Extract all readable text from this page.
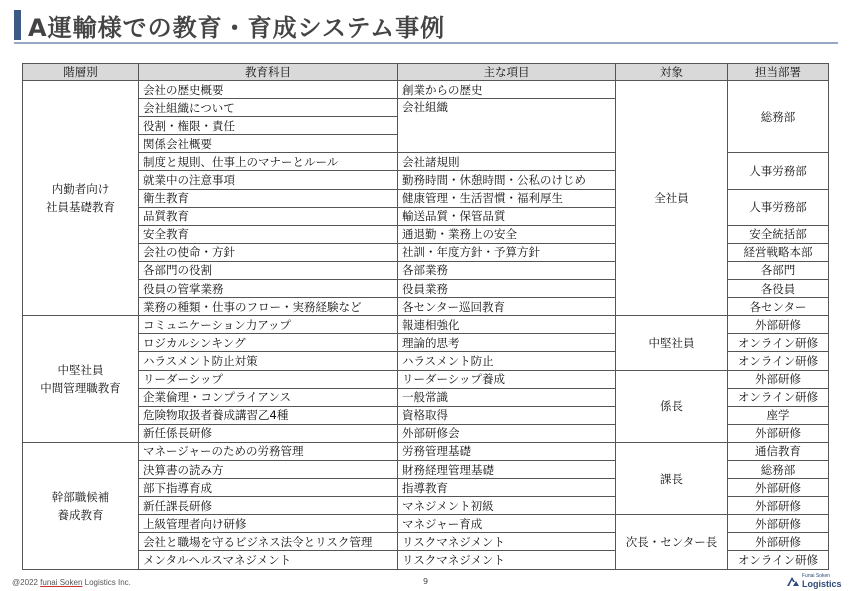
A運輸様での教育・育成システム事例
階層別	教育科目	主な項目	対象	担当部署
内勤者向け
社員基礎教育	会社の歴史概要	創業からの歴史	全社員	総務部
	会社組織について	会社組織		
	役割・権限・責任			
	関係会社概要			
	制度と規則、仕事上のマナーとルール	会社諸規則		人事労務部
	就業中の注意事項	勤務時間・休憩時間・公私のけじめ		
	衛生教育	健康管理・生活習慣・福利厚生		人事労務部
	品質教育	輸送品質・保管品質		
	安全教育	通退勤・業務上の安全		安全統括部
	会社の使命・方針	社訓・年度方針・予算方針		経営戦略本部
	各部門の役割	各部業務		各部門
	役員の管掌業務	役員業務		各役員
	業務の種類・仕事のフロー・実務経験など	各センター巡回教育		各センター
中堅社員
中間管理職教育	コミュニケーション力アップ	報連相強化	中堅社員	外部研修
	ロジカルシンキング	理論的思考		オンライン研修
	ハラスメント防止対策	ハラスメント防止		オンライン研修
	リーダーシップ	リーダーシップ養成	係長	外部研修
	企業倫理・コンプライアンス	一般常識		オンライン研修
	危険物取扱者養成講習乙4種	資格取得		座学
	新任係長研修	外部研修会		外部研修
幹部職候補
養成教育	マネージャーのための労務管理	労務管理基礎	課長	通信教育
	決算書の読み方	財務経理管理基礎		総務部
	部下指導育成	指導教育		外部研修
	新任課長研修	マネジメント初級		外部研修
	上級管理者向け研修	マネジャー育成	次長・センター長	外部研修
	会社と職場を守るビジネス法令とリスク管理	リスクマネジメント		外部研修
	メンタルヘルスマネジメント	リスクマネジメント		オンライン研修
@2022 funai Soken Logistics Inc.	9
Funai Soken
Logistics
